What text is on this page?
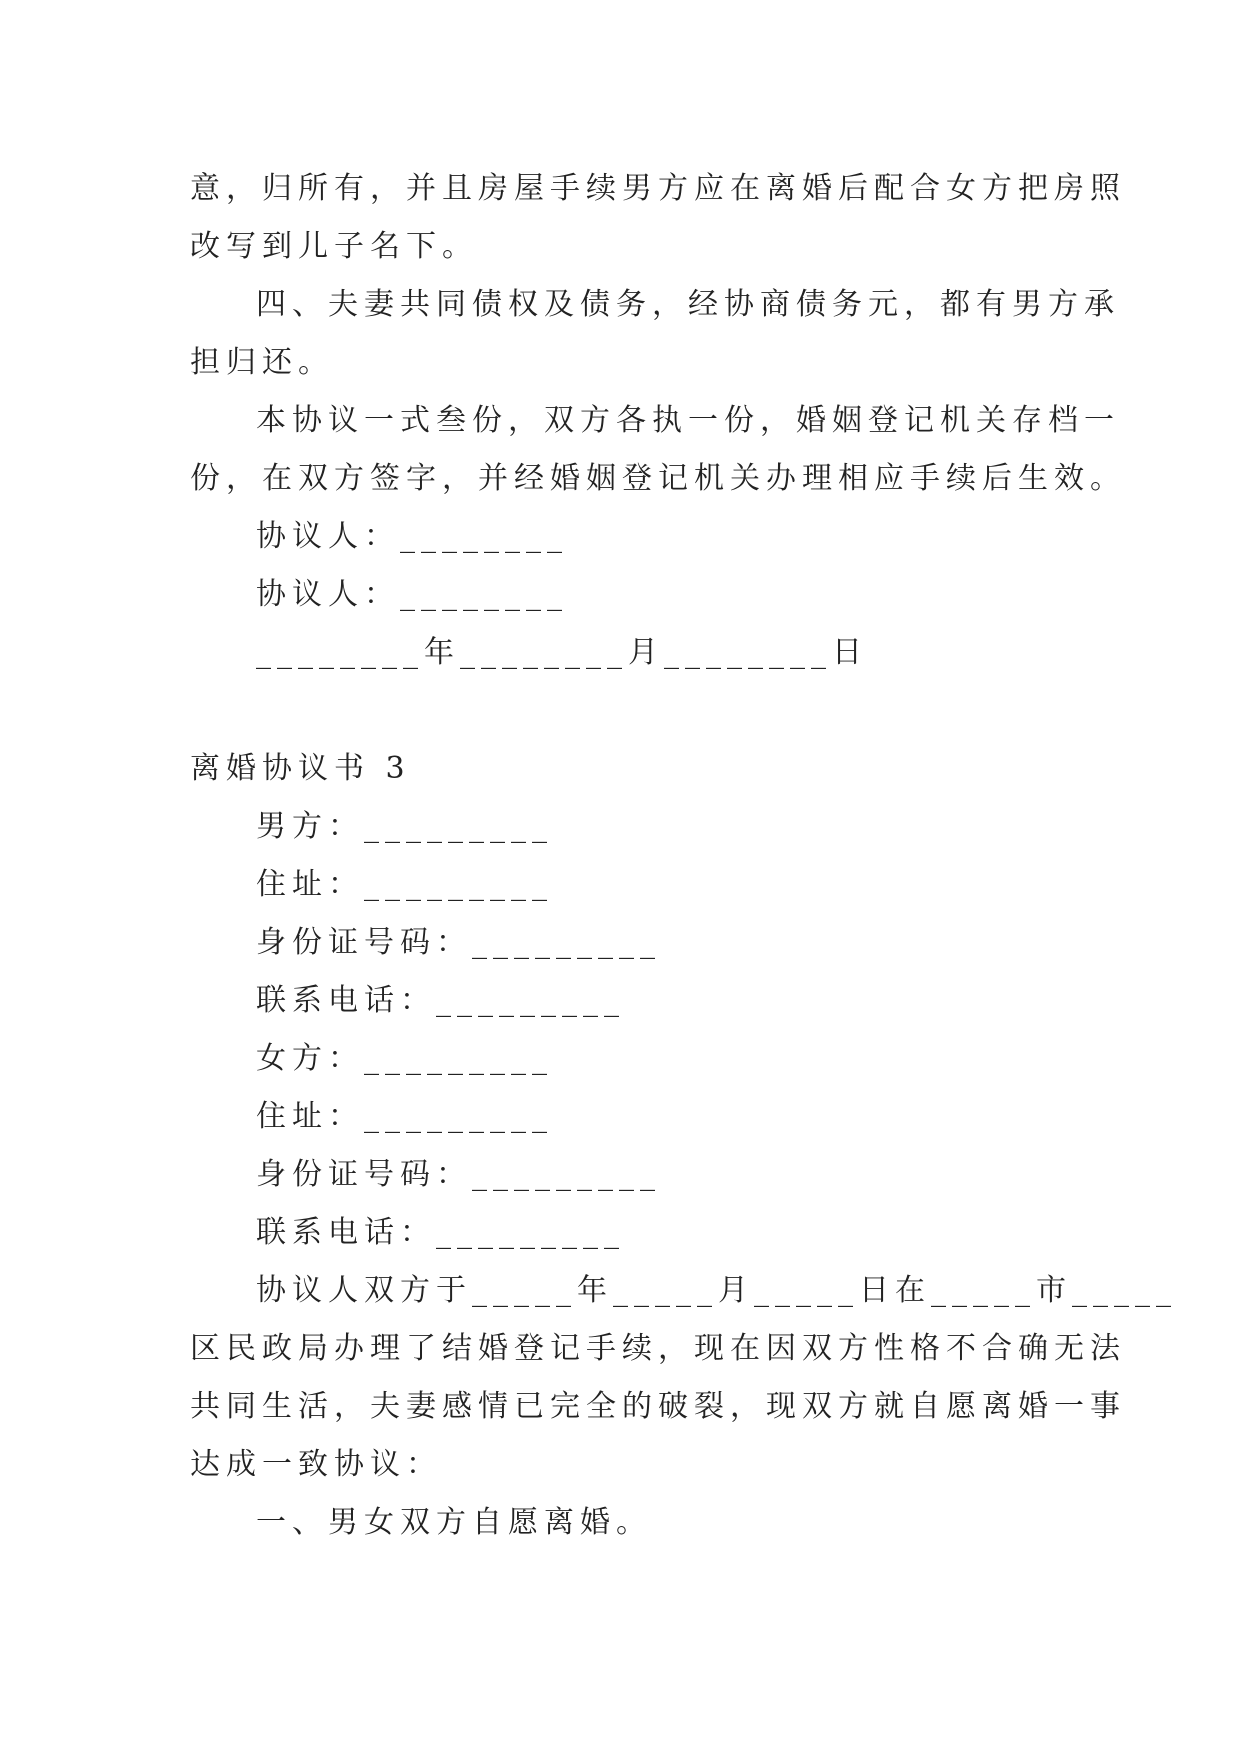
意，归所有，并且房屋手续男方应在离婚后配合女方把房照
改写到儿子名下。
四、夫妻共同债权及债务，经协商债务元，都有男方承
担归还。
本协议一式叁份，双方各执一份，婚姻登记机关存档一
份，在双方签字，并经婚姻登记机关办理相应手续后生效。
协议人：________
协议人：________
________年________月________日
离婚协议书 3
男方：_________
住址：_________
身份证号码：_________
联系电话：_________
女方：_________
住址：_________
身份证号码：_________
联系电话：_________
协议人双方于_____年_____月_____日在_____市_____
区民政局办理了结婚登记手续，现在因双方性格不合确无法
共同生活，夫妻感情已完全的破裂，现双方就自愿离婚一事
达成一致协议：
一、男女双方自愿离婚。
